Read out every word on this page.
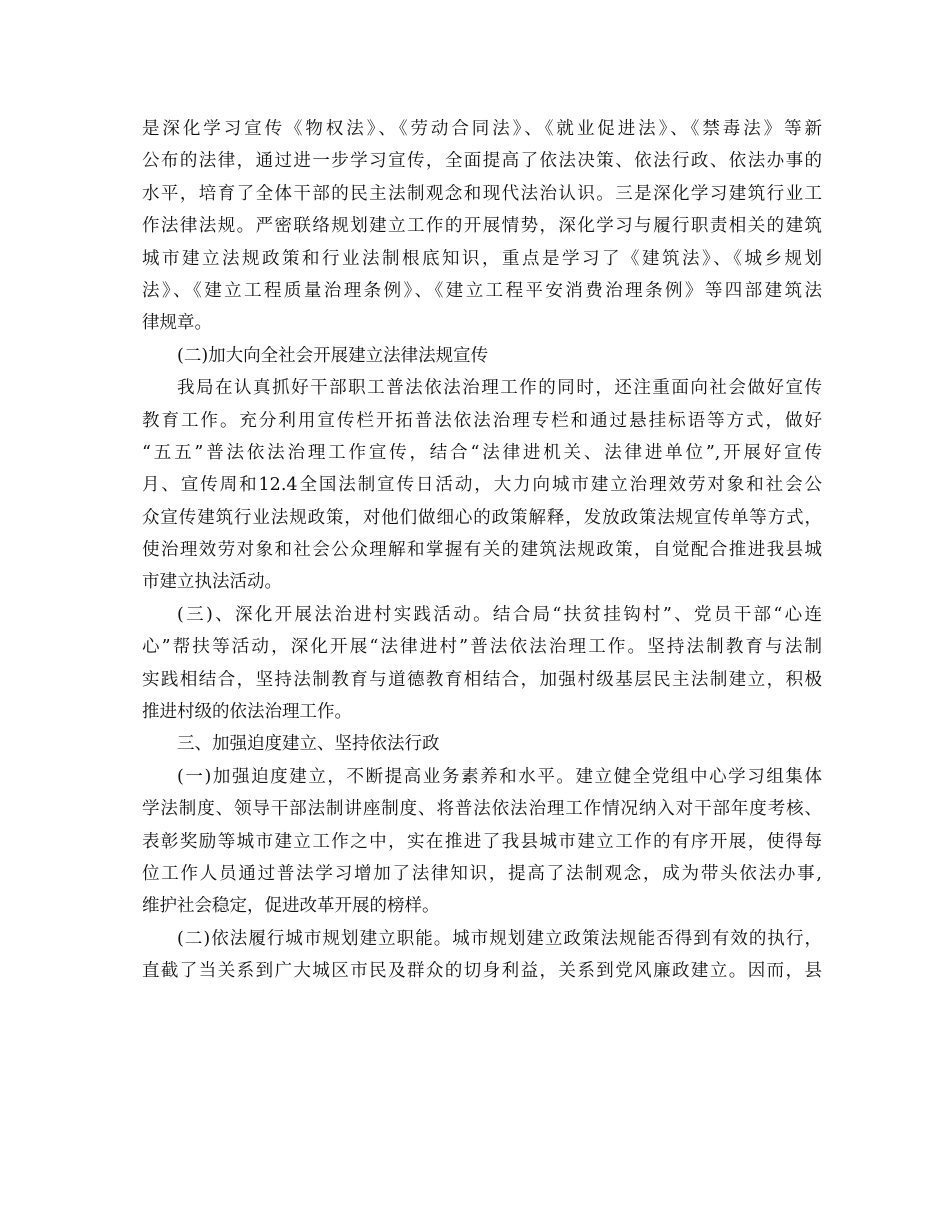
是深化学习宣传《物权法》、《劳动合同法》、《就业促进法》、《禁毒法》等新
公布的法律，通过进一步学习宣传，全面提高了依法决策、依法行政、依法办事的
水平，培育了全体干部的民主法制观念和现代法治认识。三是深化学习建筑行业工
作法律法规。严密联络规划建立工作的开展情势，深化学习与履行职责相关的建筑
城市建立法规政策和行业法制根底知识，重点是学习了《建筑法》、《城乡规划
法》、《建立工程质量治理条例》、《建立工程平安消费治理条例》等四部建筑法
律规章。
(二)加大向全社会开展建立法律法规宣传
我局在认真抓好干部职工普法依法治理工作的同时，还注重面向社会做好宣传
教育工作。充分利用宣传栏开拓普法依法治理专栏和通过悬挂标语等方式，做好
“五五”普法依法治理工作宣传，结合“法律进机关、法律进单位”,开展好宣传
月、宣传周和12.4全国法制宣传日活动，大力向城市建立治理效劳对象和社会公
众宣传建筑行业法规政策，对他们做细心的政策解释，发放政策法规宣传单等方式，
使治理效劳对象和社会公众理解和掌握有关的建筑法规政策，自觉配合推进我县城
市建立执法活动。
(三)、深化开展法治进村实践活动。结合局“扶贫挂钩村”、党员干部“心连
心”帮扶等活动，深化开展“法律进村”普法依法治理工作。坚持法制教育与法制
实践相结合，坚持法制教育与道德教育相结合，加强村级基层民主法制建立，积极
推进村级的依法治理工作。
三、加强迫度建立、坚持依法行政
(一)加强迫度建立，不断提高业务素养和水平。建立健全党组中心学习组集体
学法制度、领导干部法制讲座制度、将普法依法治理工作情况纳入对干部年度考核、
表彰奖励等城市建立工作之中，实在推进了我县城市建立工作的有序开展，使得每
位工作人员通过普法学习增加了法律知识，提高了法制观念，成为带头依法办事,
维护社会稳定，促进改革开展的榜样。
(二)依法履行城市规划建立职能。城市规划建立政策法规能否得到有效的执行，
直截了当关系到广大城区市民及群众的切身利益，关系到党风廉政建立。因而，县
